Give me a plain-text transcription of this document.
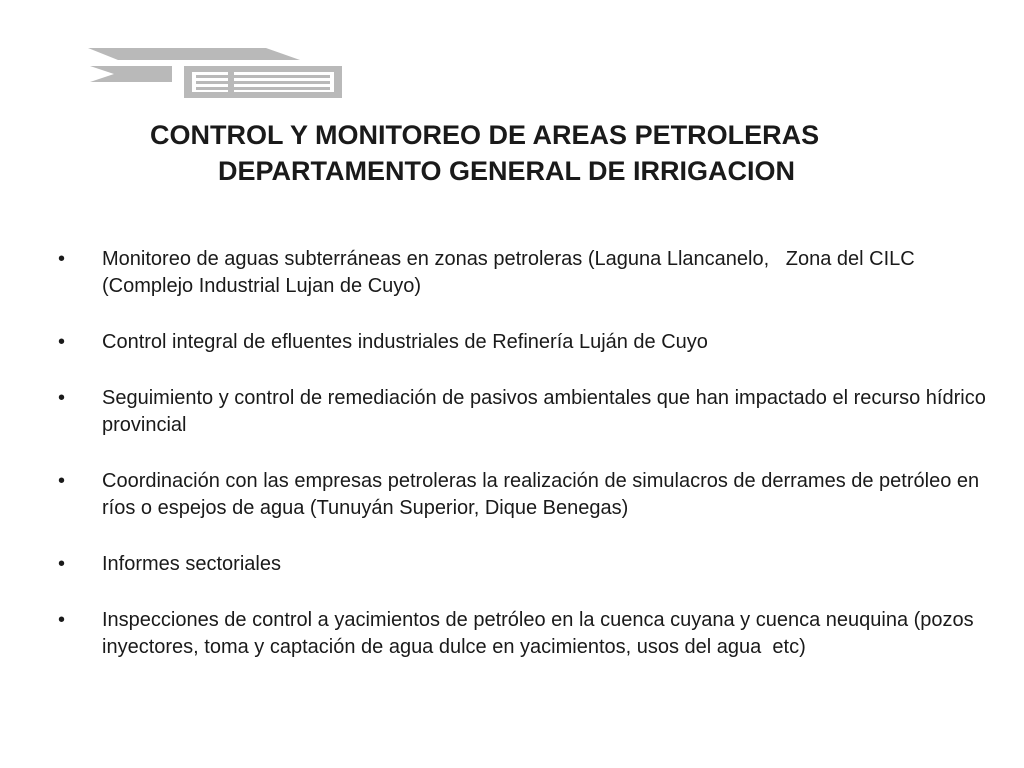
CONTROL Y MONITOREO DE AREAS PETROLERAS
DEPARTAMENTO GENERAL DE IRRIGACION
•	Monitoreo de aguas subterráneas en zonas petroleras (Laguna Llancanelo,   Zona del CILC (Complejo Industrial Lujan de Cuyo)
•	Control integral de efluentes industriales de Refinería Luján de Cuyo
•	Seguimiento y control de remediación de pasivos ambientales que han impactado el recurso hídrico provincial
•	Coordinación con las empresas petroleras la realización de simulacros de derrames de petróleo en ríos o espejos de agua (Tunuyán Superior, Dique Benegas)
•	Informes sectoriales
•	Inspecciones de control a yacimientos de petróleo en la cuenca cuyana y cuenca neuquina (pozos inyectores, toma y captación de agua dulce en yacimientos, usos del agua  etc)
